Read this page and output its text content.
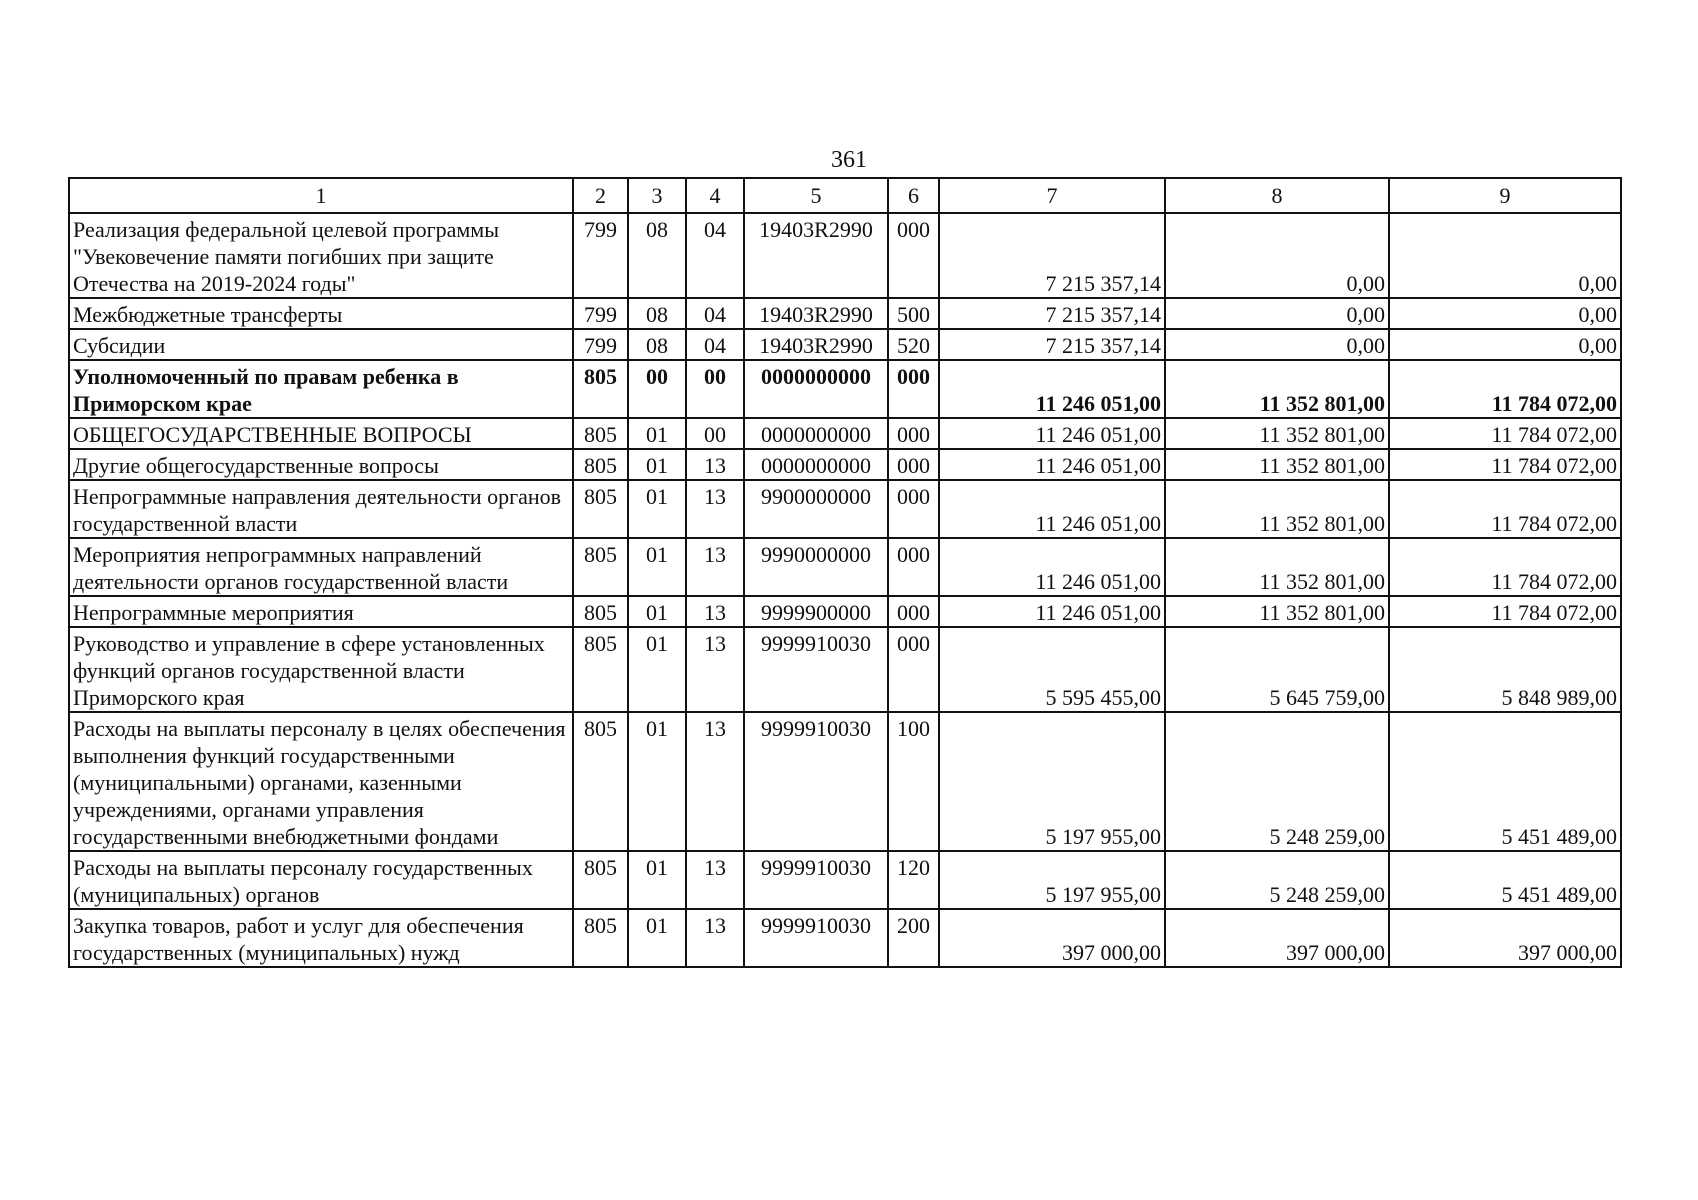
361
1	2	3	4	5	6	7	8	9
Реализация федеральной целевой программы "Увековечение памяти погибших при защите Отечества на 2019-2024 годы"	799	08	04	19403R2990	000	7 215 357,14	0,00	0,00
Межбюджетные трансферты	799	08	04	19403R2990	500	7 215 357,14	0,00	0,00
Субсидии	799	08	04	19403R2990	520	7 215 357,14	0,00	0,00
Уполномоченный по правам ребенка в Приморском крае	805	00	00	0000000000	000	11 246 051,00	11 352 801,00	11 784 072,00
ОБЩЕГОСУДАРСТВЕННЫЕ ВОПРОСЫ	805	01	00	0000000000	000	11 246 051,00	11 352 801,00	11 784 072,00
Другие общегосударственные вопросы	805	01	13	0000000000	000	11 246 051,00	11 352 801,00	11 784 072,00
Непрограммные направления деятельности органов государственной власти	805	01	13	9900000000	000	11 246 051,00	11 352 801,00	11 784 072,00
Мероприятия непрограммных направлений деятельности органов государственной власти	805	01	13	9990000000	000	11 246 051,00	11 352 801,00	11 784 072,00
Непрограммные мероприятия	805	01	13	9999900000	000	11 246 051,00	11 352 801,00	11 784 072,00
Руководство и управление в сфере установленных функций органов государственной власти Приморского края	805	01	13	9999910030	000	5 595 455,00	5 645 759,00	5 848 989,00
Расходы на выплаты персоналу в целях обеспечения выполнения функций государственными (муниципальными) органами, казенными учреждениями, органами управления государственными внебюджетными фондами	805	01	13	9999910030	100	5 197 955,00	5 248 259,00	5 451 489,00
Расходы на выплаты персоналу государственных (муниципальных) органов	805	01	13	9999910030	120	5 197 955,00	5 248 259,00	5 451 489,00
Закупка товаров, работ и услуг для обеспечения государственных (муниципальных) нужд	805	01	13	9999910030	200	397 000,00	397 000,00	397 000,00
